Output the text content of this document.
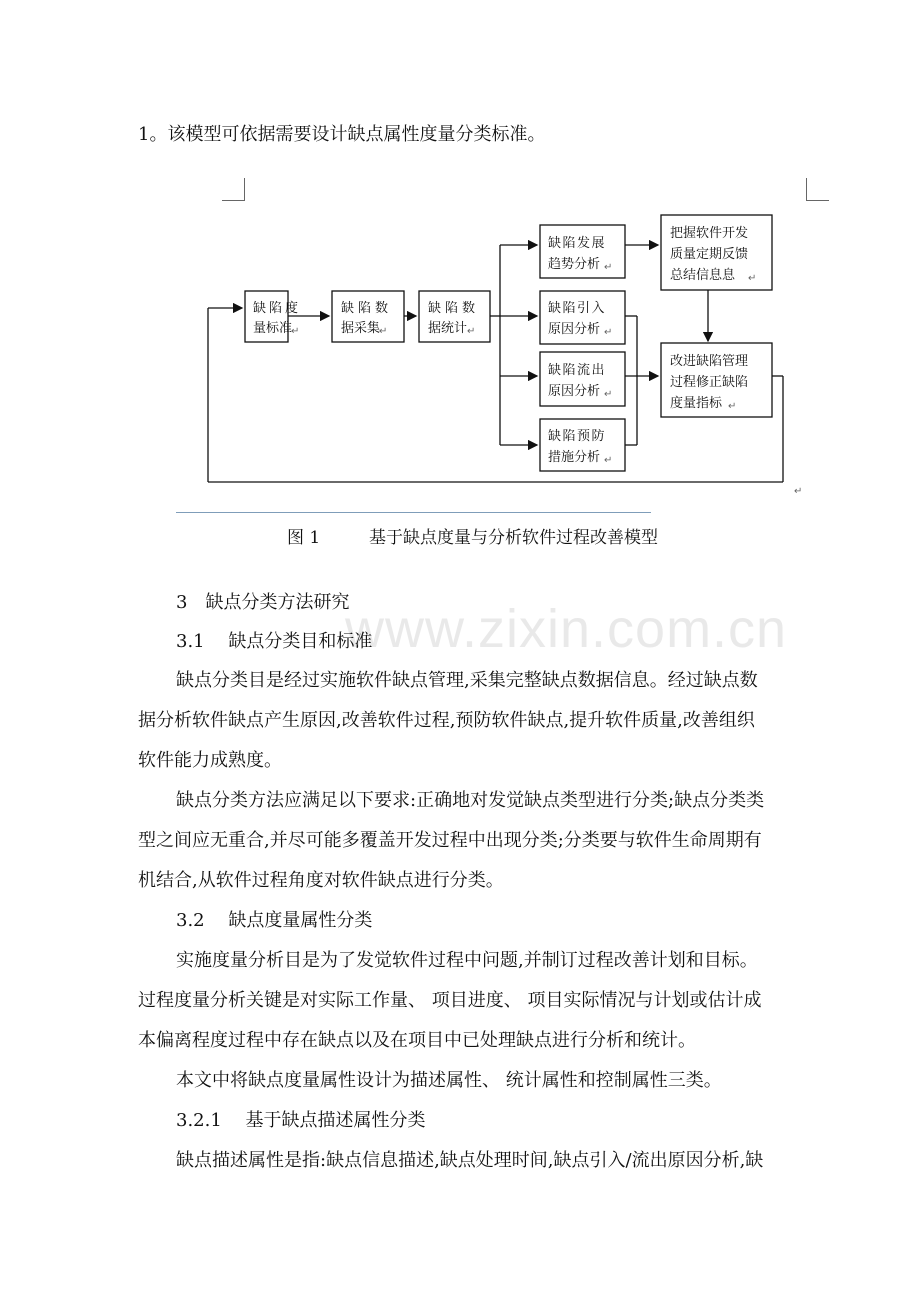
1。该模型可依据需要设计缺点属性度量分类标准。
缺陷度
量标准
缺陷数
据采集
缺陷数
据统计
缺陷发展
趋势分析
缺陷引入
原因分析
缺陷流出
原因分析
缺陷预防
措施分析
把握软件开发
质量定期反馈
总结信息息
改进缺陷管理
过程修正缺陷
度量指标
↵	↵	↵
↵
↵
↵
↵
↵
↵
↵
图 1	基于缺点度量与分析软件过程改善模型
www.zixin.com.cn
3　缺点分类方法研究
3.1　 缺点分类目和标准
缺点分类目是经过实施软件缺点管理,采集完整缺点数据信息。经过缺点数
据分析软件缺点产生原因,改善软件过程,预防软件缺点,提升软件质量,改善组织
软件能力成熟度。
缺点分类方法应满足以下要求:正确地对发觉缺点类型进行分类;缺点分类类
型之间应无重合,并尽可能多覆盖开发过程中出现分类;分类要与软件生命周期有
机结合,从软件过程角度对软件缺点进行分类。
3.2　 缺点度量属性分类
实施度量分析目是为了发觉软件过程中问题,并制订过程改善计划和目标。
过程度量分析关键是对实际工作量、 项目进度、 项目实际情况与计划或估计成
本偏离程度过程中存在缺点以及在项目中已处理缺点进行分析和统计。
本文中将缺点度量属性设计为描述属性、 统计属性和控制属性三类。
3.2.1　 基于缺点描述属性分类
缺点描述属性是指:缺点信息描述,缺点处理时间,缺点引入/流出原因分析,缺
